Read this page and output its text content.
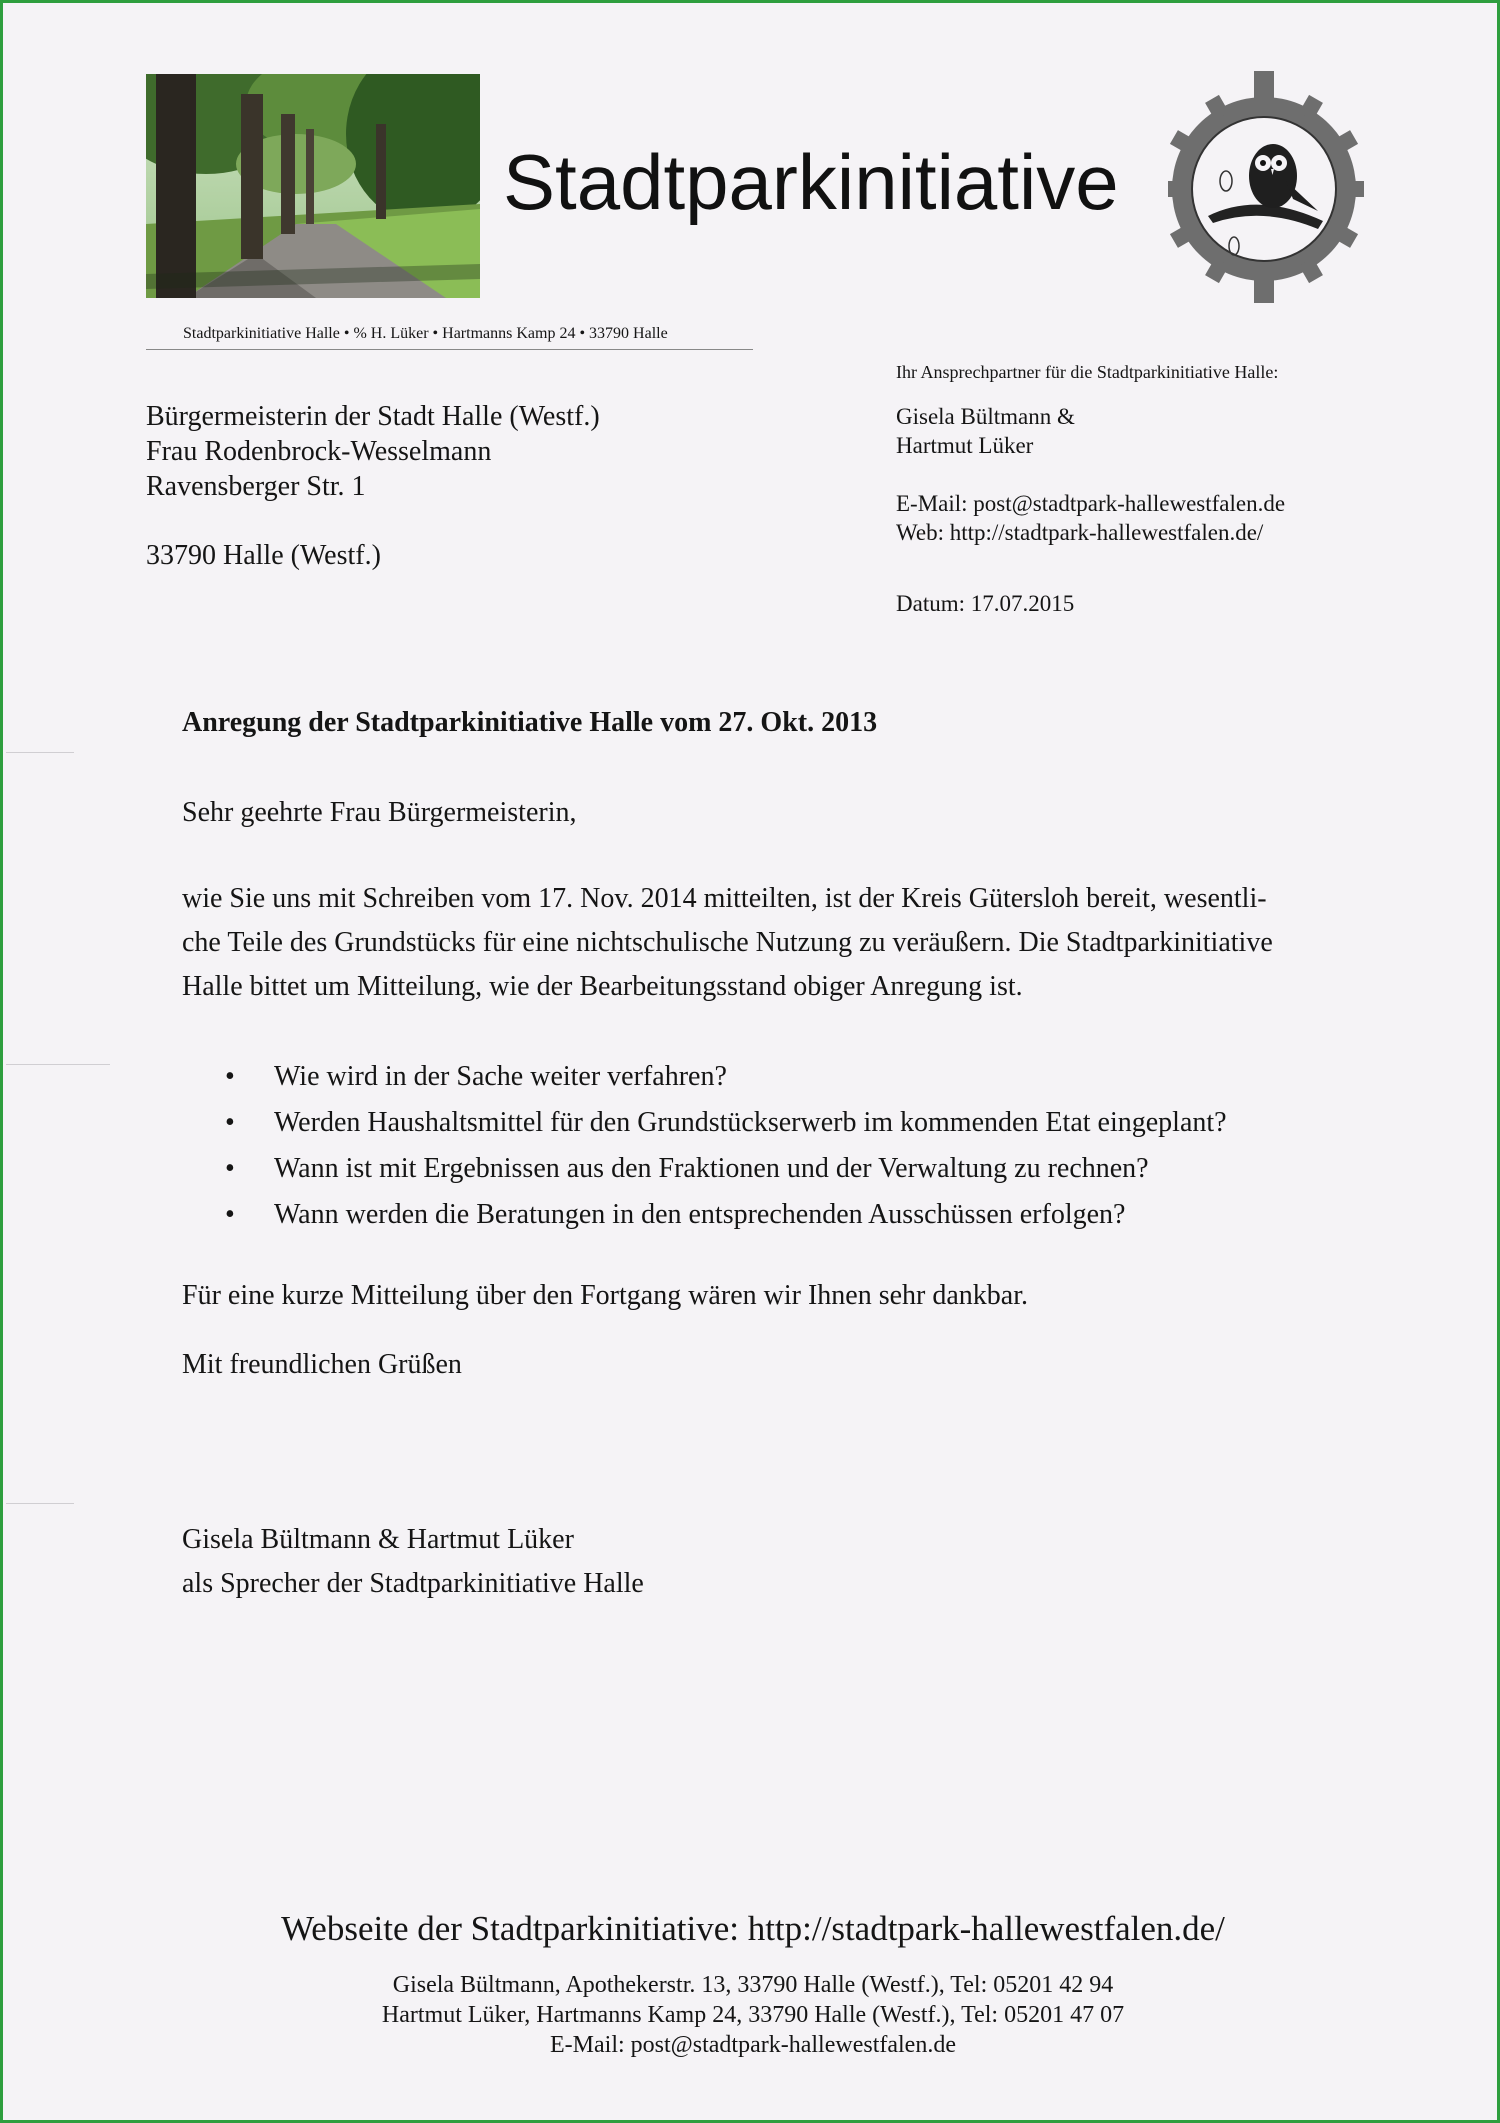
Stadtparkinitiative
Stadtparkinitiative Halle • % H. Lüker • Hartmanns Kamp 24 • 33790 Halle
Bürgermeisterin der Stadt Halle (Westf.)
Frau Rodenbrock-Wesselmann
Ravensberger Str. 1
33790 Halle (Westf.)
Ihr Ansprechpartner für die Stadtparkinitiative Halle:
Gisela Bültmann &
Hartmut Lüker
E-Mail: post@stadtpark-hallewestfalen.de
Web: http://stadtpark-hallewestfalen.de/
Datum: 17.07.2015
Anregung der Stadtparkinitiative Halle vom 27. Okt. 2013
Sehr geehrte Frau Bürgermeisterin,
wie Sie uns mit Schreiben vom 17. Nov. 2014 mitteilten, ist der Kreis Gütersloh bereit, wesentli-
che Teile des Grundstücks für eine nichtschulische Nutzung zu veräußern. Die Stadtparkinitiative
Halle bittet um Mitteilung, wie der Bearbeitungsstand obiger Anregung ist.
• Wie wird in der Sache weiter verfahren?
• Werden Haushaltsmittel für den Grundstückserwerb im kommenden Etat eingeplant?
• Wann ist mit Ergebnissen aus den Fraktionen und der Verwaltung zu rechnen?
• Wann werden die Beratungen in den entsprechenden Ausschüssen erfolgen?
Für eine kurze Mitteilung über den Fortgang wären wir Ihnen sehr dankbar.
Mit freundlichen Grüßen
Gisela Bültmann & Hartmut Lüker
als Sprecher der Stadtparkinitiative Halle
Webseite der Stadtparkinitiative: http://stadtpark-hallewestfalen.de/
Gisela Bültmann, Apothekerstr. 13, 33790 Halle (Westf.), Tel: 05201 42 94
Hartmut Lüker, Hartmanns Kamp 24, 33790 Halle (Westf.), Tel: 05201 47 07
E-Mail: post@stadtpark-hallewestfalen.de
